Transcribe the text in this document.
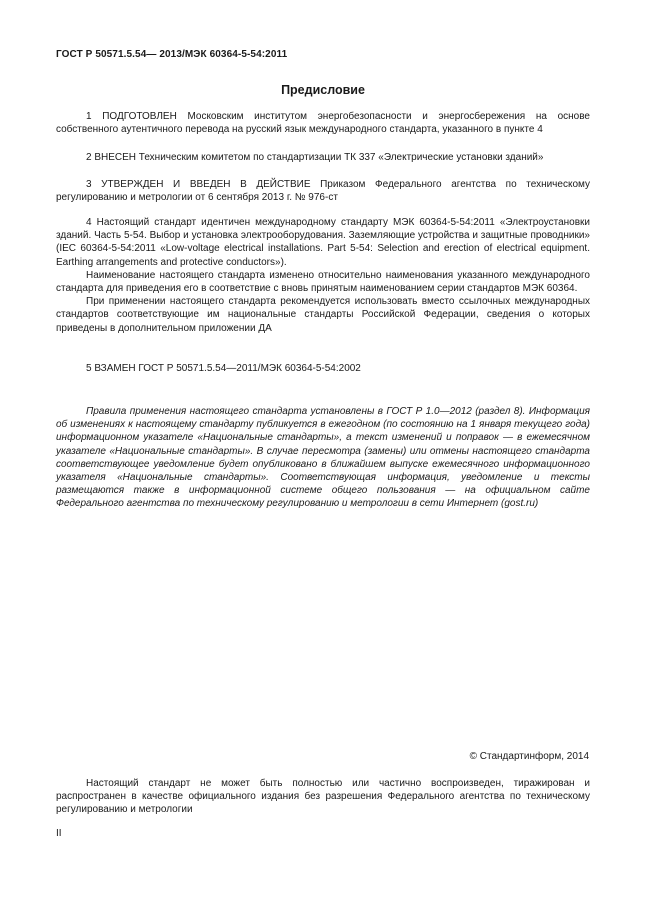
ГОСТ Р 50571.5.54— 2013/МЭК 60364-5-54:2011
Предисловие
1 ПОДГОТОВЛЕН Московским институтом энергобезопасности и энергосбережения на основе собственного аутентичного перевода на русский язык международного стандарта, указанного в пункте 4
2 ВНЕСЕН Техническим комитетом по стандартизации ТК 337 «Электрические установки зданий»
3 УТВЕРЖДЕН И ВВЕДЕН В ДЕЙСТВИЕ Приказом Федерального агентства по техническому регулированию и метрологии от 6 сентября 2013 г. № 976-ст
4 Настоящий стандарт идентичен международному стандарту МЭК 60364-5-54:2011 «Электроустановки зданий. Часть 5-54. Выбор и установка электрооборудования. Заземляющие устройства и защитные проводники» (IEC 60364-5-54:2011 «Low-voltage electrical installations. Part 5-54: Selection and erection of electrical equipment. Earthing arrangements and protective conductors»).
Наименование настоящего стандарта изменено относительно наименования указанного международного стандарта для приведения его в соответствие с вновь принятым наименованием серии стандартов МЭК 60364.
При применении настоящего стандарта рекомендуется использовать вместо ссылочных международных стандартов соответствующие им национальные стандарты Российской Федерации, сведения о которых приведены в дополнительном приложении ДА
5 ВЗАМЕН ГОСТ Р 50571.5.54—2011/МЭК 60364-5-54:2002
Правила применения настоящего стандарта установлены в ГОСТ Р 1.0—2012 (раздел 8). Информация об изменениях к настоящему стандарту публикуется в ежегодном (по состоянию на 1 января текущего года) информационном указателе «Национальные стандарты», а текст изменений и поправок — в ежемесячном указателе «Национальные стандарты». В случае пересмотра (замены) или отмены настоящего стандарта соответствующее уведомление будет опубликовано в ближайшем выпуске ежемесячного информационного указателя «Национальные стандарты». Соответствующая информация, уведомление и тексты размещаются также в информационной системе общего пользования — на официальном сайте Федерального агентства по техническому регулированию и метрологии в сети Интернет (gost.ru)
© Стандартинформ, 2014
Настоящий стандарт не может быть полностью или частично воспроизведен, тиражирован и распространен в качестве официального издания без разрешения Федерального агентства по техническому регулированию и метрологии
II
